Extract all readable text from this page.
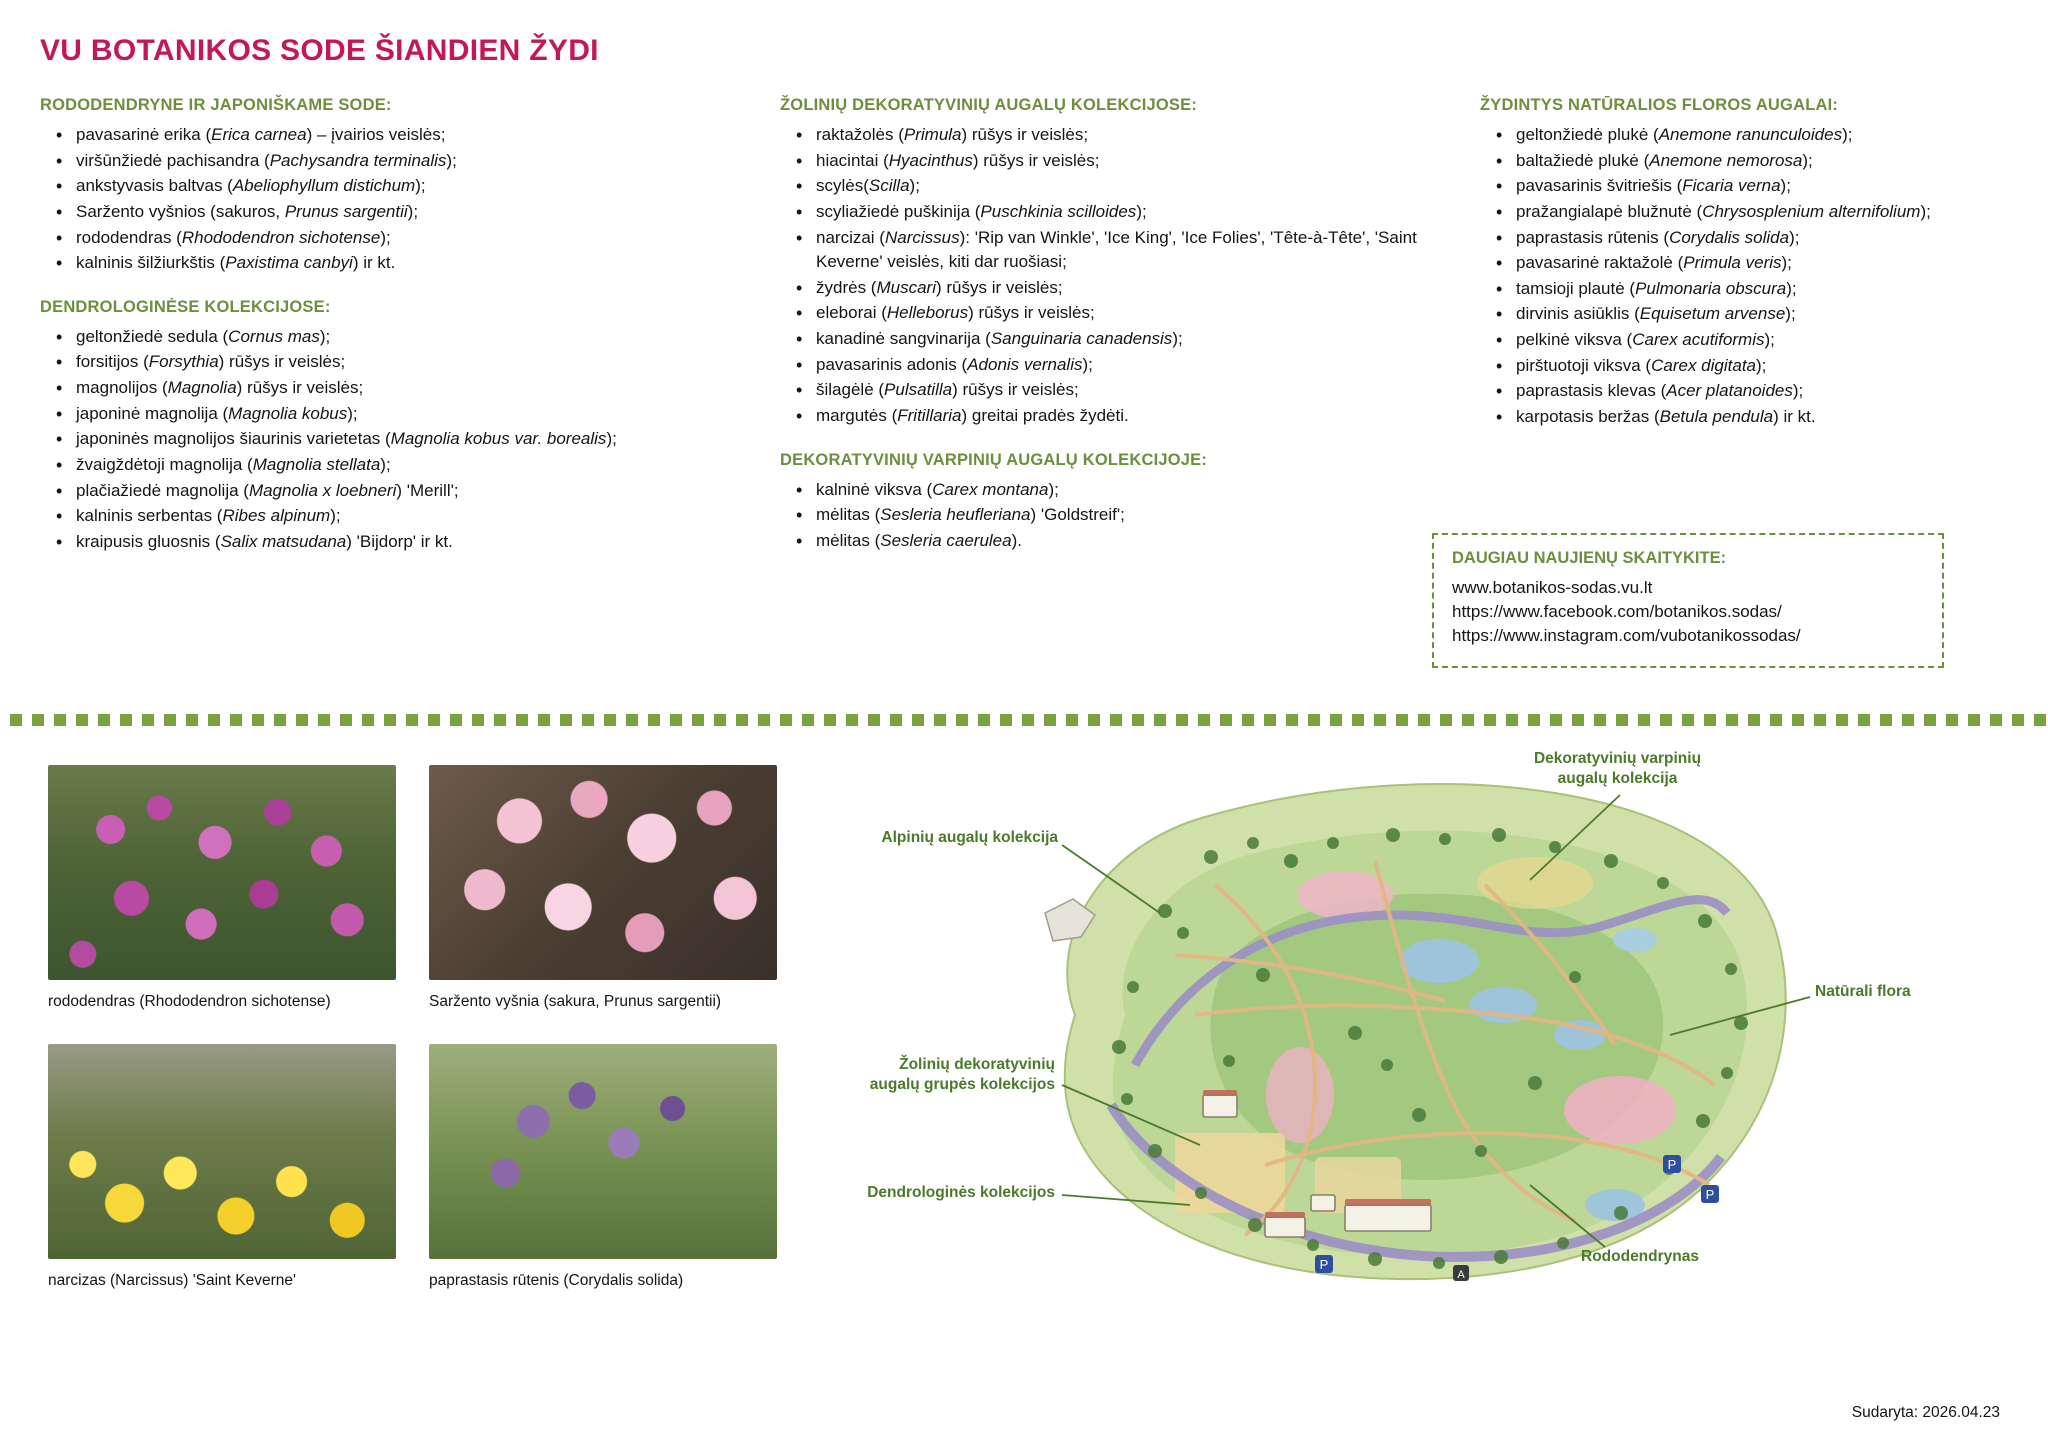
VU BOTANIKOS SODE ŠIANDIEN ŽYDI
RODODENDRYNE IR JAPONIŠKAME SODE:
• pavasarinė erika (Erica carnea) – įvairios veislės;
• viršūnžiedė pachisandra (Pachysandra terminalis);
• ankstyvasis baltvas (Abeliophyllum distichum);
• Saržento vyšnios (sakuros, Prunus sargentii);
• rododendras (Rhododendron sichotense);
• kalninis šilžiurkštis (Paxistima canbyi) ir kt.
DENDROLOGINĖSE KOLEKCIJOSE:
• geltonžiedė sedula (Cornus mas);
• forsitijos (Forsythia) rūšys ir veislės;
• magnolijos (Magnolia) rūšys ir veislės;
• japoninė magnolija (Magnolia kobus);
• japoninės magnolijos šiaurinis varietetas (Magnolia kobus var. borealis);
• žvaigždėtoji magnolija (Magnolia stellata);
• plačiažiedė magnolija (Magnolia x loebneri) 'Merill';
• kalninis serbentas (Ribes alpinum);
• kraipusis gluosnis (Salix matsudana) 'Bijdorp' ir kt.
ŽOLINIŲ DEKORATYVINIŲ AUGALŲ KOLEKCIJOSE:
• raktažolės (Primula) rūšys ir veislės;
• hiacintai (Hyacinthus) rūšys ir veislės;
• scylės(Scilla);
• scyliažiedė puškinija (Puschkinia scilloides);
• narcizai (Narcissus): 'Rip van Winkle', 'Ice King', 'Ice Folies', 'Tête-à-Tête', 'Saint Keverne' veislės, kiti dar ruošiasi;
• žydrės (Muscari) rūšys ir veislės;
• eleborai (Helleborus) rūšys ir veislės;
• kanadinė sangvinarija (Sanguinaria canadensis);
• pavasarinis adonis (Adonis vernalis);
• šilagėlė (Pulsatilla) rūšys ir veislės;
• margutės (Fritillaria) greitai pradės žydėti.
DEKORATYVINIŲ VARPINIŲ AUGALŲ KOLEKCIJOJE:
• kalninė viksva (Carex montana);
• mėlitas (Sesleria heufleriana) 'Goldstreif';
• mėlitas (Sesleria caerulea).
ŽYDINTYS NATŪRALIOS FLOROS AUGALAI:
• geltonžiedė plukė (Anemone ranunculoides);
• baltažiedė plukė (Anemone nemorosa);
• pavasarinis švitriešis (Ficaria verna);
• pražangialapė blužnutė (Chrysosplenium alternifolium);
• paprastasis rūtenis (Corydalis solida);
• pavasarinė raktažolė (Primula veris);
• tamsioji plautė (Pulmonaria obscura);
• dirvinis asiūklis (Equisetum arvense);
• pelkinė viksva (Carex acutiformis);
• pirštuotoji viksva (Carex digitata);
• paprastasis klevas (Acer platanoides);
• karpotasis beržas (Betula pendula) ir kt.
DAUGIAU NAUJIENŲ SKAITYKITE:
www.botanikos-sodas.vu.lt
https://www.facebook.com/botanikos.sodas/
https://www.instagram.com/vubotanikossodas/
rododendras (Rhododendron sichotense)	Saržento vyšnia (sakura, Prunus sargentii)
narcizas (Narcissus) 'Saint Keverne'	paprastasis rūtenis (Corydalis solida)
P
P
P
A
Alpinių augalų kolekcija
Dekoratyvinių varpinių
augalų kolekcija
Natūrali flora
Žolinių dekoratyvinių
augalų grupės kolekcijos
Dendrologinės kolekcijos
Rododendrynas
Sudaryta: 2026.04.23
